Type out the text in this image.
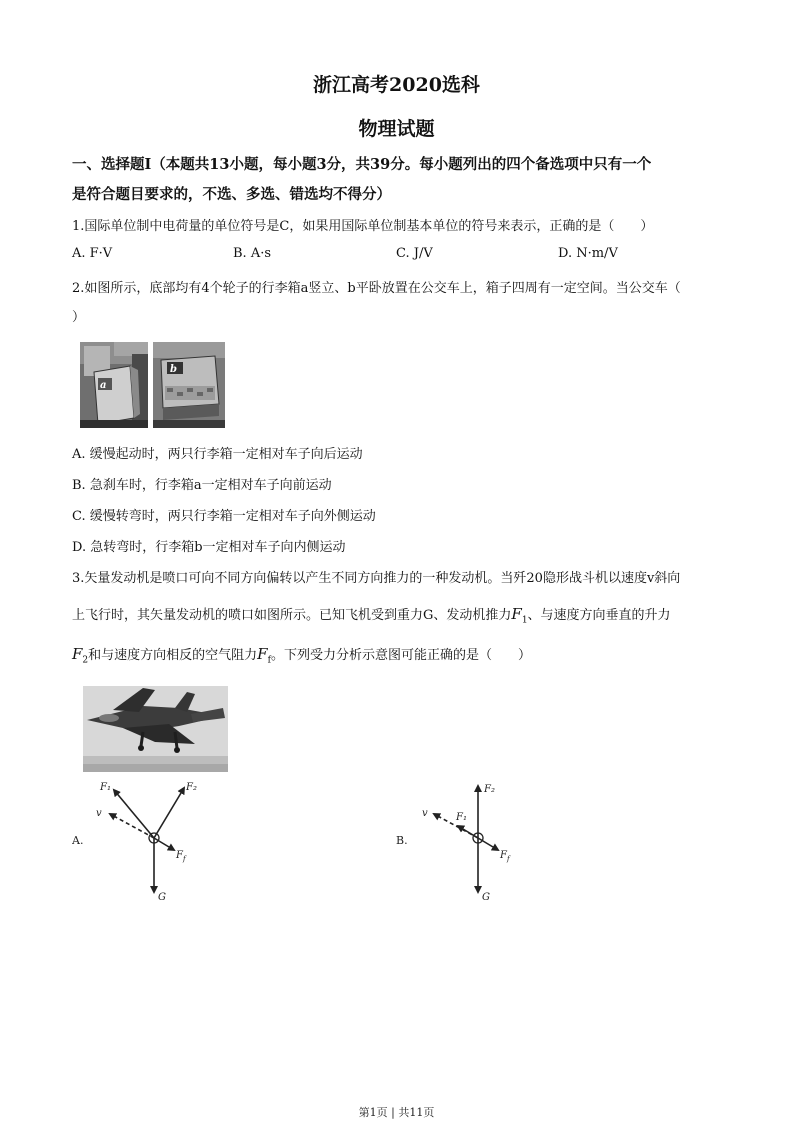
浙江高考2020选科
物理试题
一、选择题Ⅰ（本题共13小题，每小题3分，共39分。每小题列出的四个备选项中只有一个
是符合题目要求的，不选、多选、错选均不得分）
1.国际单位制中电荷量的单位符号是C，如果用国际单位制基本单位的符号来表示，正确的是（　　）
A. F·V	B. A·s	C. J/V	D. N·m/V
2.如图所示，底部均有4个轮子的行李箱a竖立、b平卧放置在公交车上，箱子四周有一定空间。当公交车（
）
a
b
A. 缓慢起动时，两只行李箱一定相对车子向后运动
B. 急刹车时，行李箱a一定相对车子向前运动
C. 缓慢转弯时，两只行李箱一定相对车子向外侧运动
D. 急转弯时，行李箱b一定相对车子向内侧运动
3.矢量发动机是喷口可向不同方向偏转以产生不同方向推力的一种发动机。当歼20隐形战斗机以速度v斜向
上飞行时，其矢量发动机的喷口如图所示。已知飞机受到重力G、发动机推力$F_1$、与速度方向垂直的升力
$F_2$和与速度方向相反的空气阻力$F_f$。下列受力分析示意图可能正确的是（　　）
A.
F₁	F₂
v
F f
G
B.
F₂
F₁
v
F f
G
第1页 | 共11页
